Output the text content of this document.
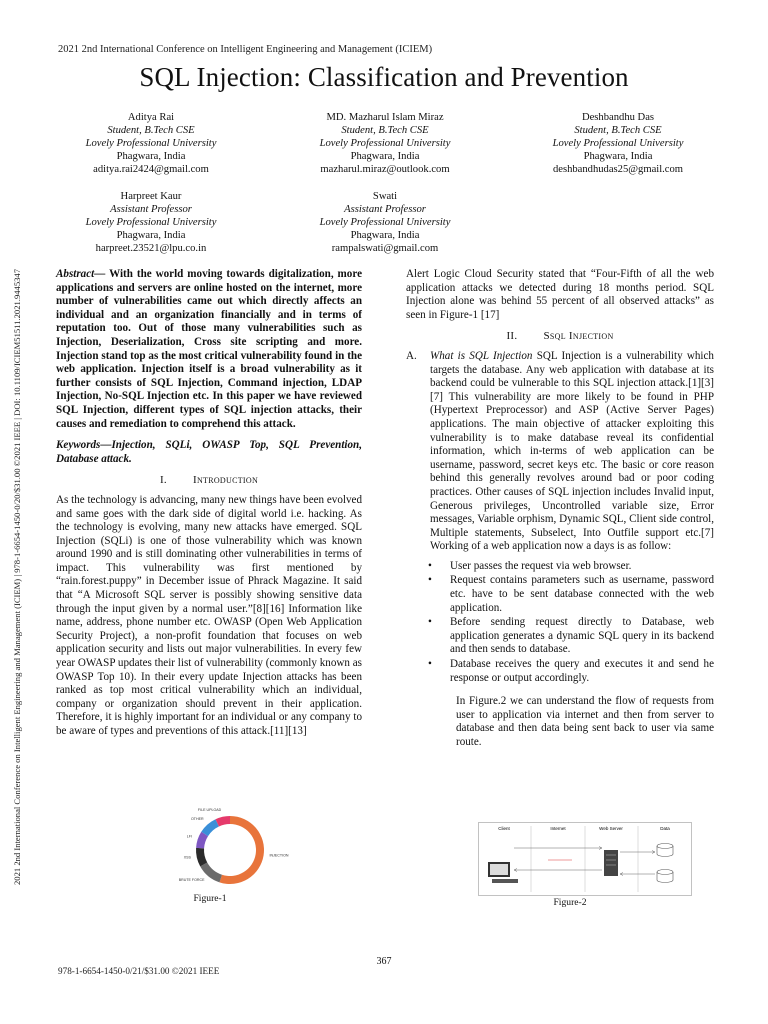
2021 2nd International Conference on Intelligent Engineering and Management (ICIEM)
SQL Injection: Classification and Prevention
2021 2nd International Conference on Intelligent Engineering and Management (ICIEM) | 978-1-6654-1450-0/20/$31.00 ©2021 IEEE | DOI: 10.1109/ICIEM51511.2021.9445347
Aditya Rai
Student, B.Tech CSE
Lovely Professional University
Phagwara, India
aditya.rai2424@gmail.com
MD. Mazharul Islam Miraz
Student, B.Tech CSE
Lovely Professional University
Phagwara, India
mazharul.miraz@outlook.com
Deshbandhu Das
Student, B.Tech CSE
Lovely Professional University
Phagwara, India
deshbandhudas25@gmail.com
Harpreet Kaur
Assistant Professor
Lovely Professional University
Phagwara, India
harpreet.23521@lpu.co.in
Swati
Assistant Professor
Lovely Professional University
Phagwara, India
rampalswati@gmail.com

Abstract— With the world moving towards digitalization, more applications and servers are online hosted on the internet, more number of vulnerabilities came out which directly affects an individual and an organization financially and in terms of reputation too. Out of those many vulnerabilities such as Injection, Deserialization, Cross site scripting and more. Injection stand top as the most critical vulnerability found in the web application. Injection itself is a broad vulnerability as it further consists of SQL Injection, Command injection, LDAP Injection, No-SQL Injection etc. In this paper we have reviewed SQL Injection, different types of SQL injection attacks, their causes and remediation to comprehend this attack.

Keywords—Injection, SQLi, OWASP Top, SQL Prevention, Database attack.

I. Introduction

As the technology is advancing, many new things have been evolved and same goes with the dark side of digital world i.e. hacking. As the technology is evolving, many new attacks have emerged. SQL Injection (SQLi) is one of those vulnerability which was known around 1990 and is still dominating other vulnerabilities in terms of impact. This vulnerability was first mentioned by “rain.forest.puppy” in December issue of Phrack Magazine. It said that “A Microsoft SQL server is possibly showing sensitive data through the input given by a normal user.”[8][16] Information like name, address, phone number etc. OWASP (Open Web Application Security Project), a non-profit foundation that focuses on web application security and lists out major vulnerabilities. In every few year OWASP updates their list of vulnerability (commonly known as OWASP Top 10). In their every update Injection attacks has been ranked as top most critical vulnerability which an individual, company or organization should prevent in their application. Therefore, it is highly important for an individual or any company to be aware of types and preventions of this attack.[11][13]

INJECTION
BRUTE FORCE
XSS
LFI
OTHER
FILE UPLOAD
Figure-1

Alert Logic Cloud Security stated that “Four-Fifth of all the web application attacks we detected during 18 months period. SQL Injection alone was behind 55 percent of all observed attacks” as seen in Figure-1 [17]

II. Ssql Injection
A.	What is SQL Injection SQL Injection is a vulnerability which targets the database. Any web application with database at its backend could be vulnerable to this SQL injection attack.[1][3][7] This vulnerability are more likely to be found in PHP (Hypertext Preprocessor) and ASP (Active Server Pages) applications. The main objective of attacker exploiting this vulnerability is to make database reveal its confidential information, which in-terms of web application can be username, password, secret keys etc. The basic or core reason behind this generally revolves around bad or poor coding practices. Other causes of SQL injection includes Invalid input, Generous privileges, Uncontrolled variable size, Error messages, Variable orphism, Dynamic SQL, Client side control, Multiple statements, Subselect, Into Outfile support etc.[7] Working of a web application now a days is as follow:
• User passes the request via web browser.
• Request contains parameters such as username, password etc. have to be sent database connected with the web application.
• Before sending request directly to Database, web application generates a dynamic SQL query in its backend and then sends to database.
• Database receives the query and executes it and send he response or output accordingly.

In Figure.2 we can understand the flow of requests from user to application via internet and then from server to database and then data being sent back to user via same route.

Client	Internet	Web Server	Data
Figure-2
367
978-1-6654-1450-0/21/$31.00 ©2021 IEEE
